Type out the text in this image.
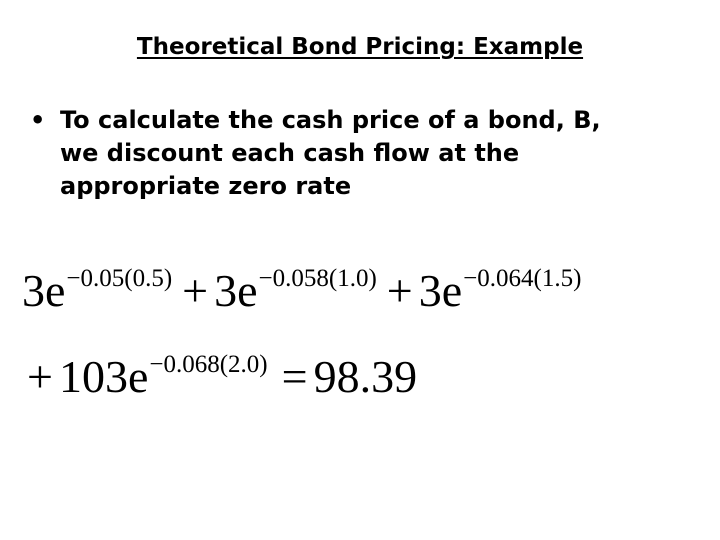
Theoretical Bond Pricing: Example
• To calculate the cash price of a bond, B,
we discount each cash flow at the
appropriate zero rate
3e−0.05(0.5) + 3e−0.058(1.0) + 3e−0.064(1.5)
+ 103e−0.068(2.0) = 98.39
